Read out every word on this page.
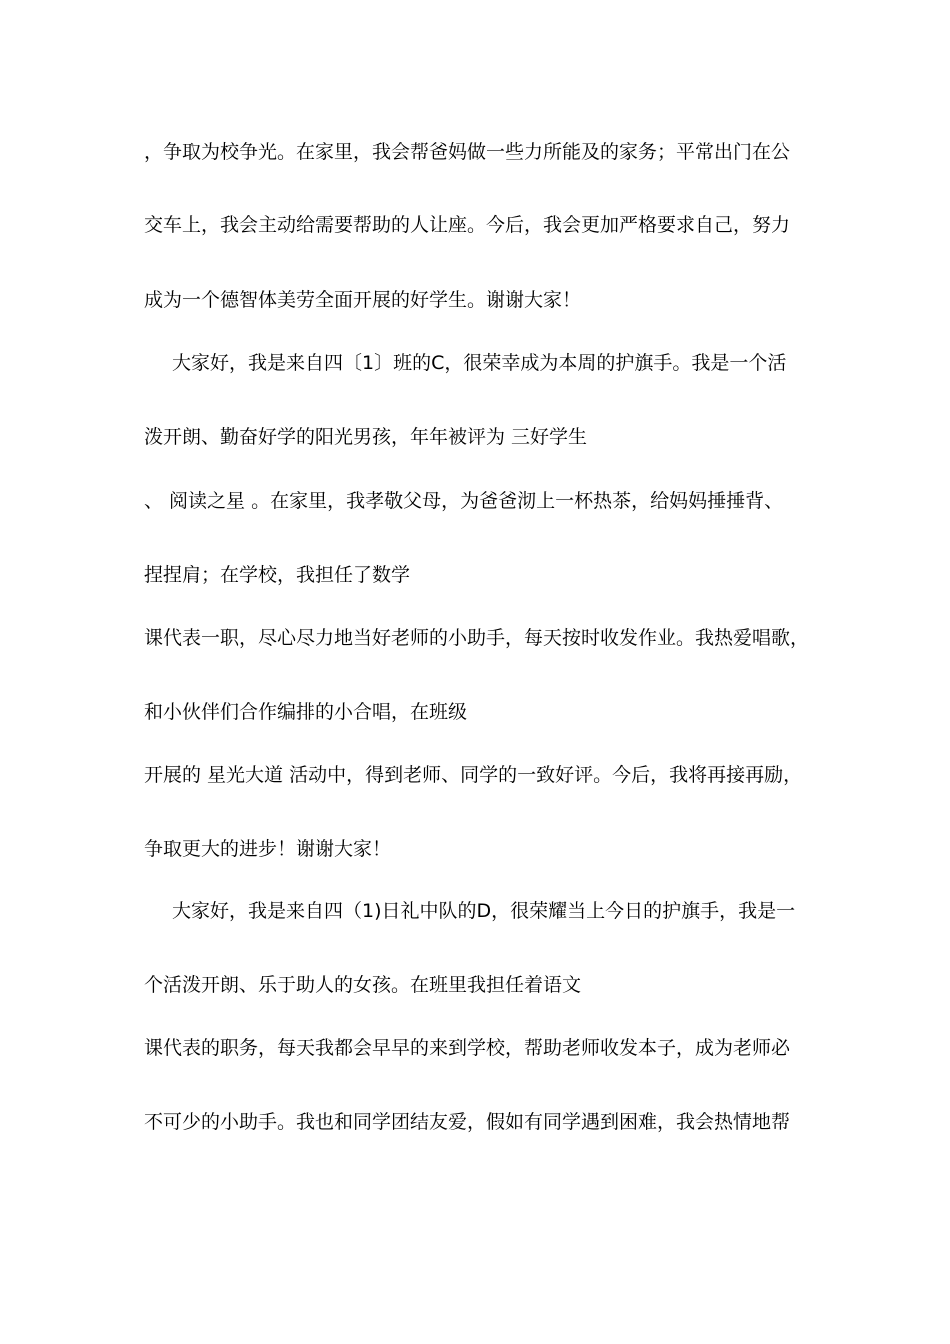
，争取为校争光。在家里，我会帮爸妈做一些力所能及的家务；平常出门在公
交车上，我会主动给需要帮助的人让座。今后，我会更加严格要求自己，努力
成为一个德智体美劳全面开展的好学生。谢谢大家！
大家好，我是来自四〔1〕班的C，很荣幸成为本周的护旗手。我是一个活
泼开朗、勤奋好学的阳光男孩，年年被评为 三好学生
、 阅读之星 。在家里，我孝敬父母，为爸爸沏上一杯热茶，给妈妈捶捶背、
捏捏肩；在学校，我担任了数学
课代表一职，尽心尽力地当好老师的小助手，每天按时收发作业。我热爱唱歌，
和小伙伴们合作编排的小合唱，在班级
开展的 星光大道 活动中，得到老师、同学的一致好评。今后，我将再接再励，
争取更大的进步！谢谢大家！
大家好，我是来自四（1)日礼中队的D，很荣耀当上今日的护旗手，我是一
个活泼开朗、乐于助人的女孩。在班里我担任着语文
课代表的职务，每天我都会早早的来到学校，帮助老师收发本子，成为老师必
不可少的小助手。我也和同学团结友爱，假如有同学遇到困难，我会热情地帮
